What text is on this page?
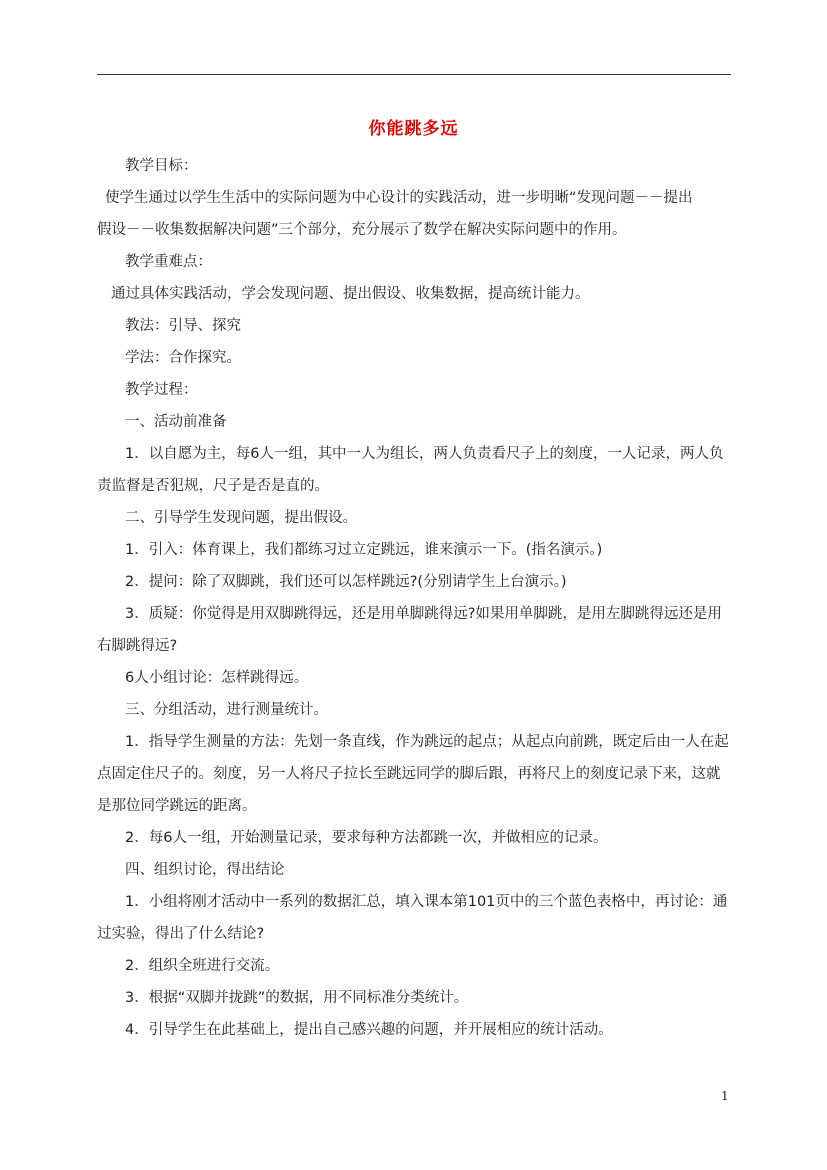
你能跳多远

教学目标：

使学生通过以学生生活中的实际问题为中心设计的实践活动，进一步明晰“发现问题－－提出

假设－－收集数据解决问题”三个部分，充分展示了数学在解决实际问题中的作用。

教学重难点：

通过具体实践活动，学会发现问题、提出假设、收集数据，提高统计能力。

教法：引导、探究

学法：合作探究。

教学过程：

一、活动前准备

1．以自愿为主，每6人一组，其中一人为组长，两人负责看尺子上的刻度，一人记录，两人负

责监督是否犯规，尺子是否是直的。

二、引导学生发现问题，提出假设。

1．引入：体育课上，我们都练习过立定跳远，谁来演示一下。(指名演示。)

2．提问：除了双脚跳，我们还可以怎样跳远?(分别请学生上台演示。)

3．质疑：你觉得是用双脚跳得远，还是用单脚跳得远?如果用单脚跳，是用左脚跳得远还是用

右脚跳得远?

6人小组讨论：怎样跳得远。

三、分组活动，进行测量统计。

1．指导学生测量的方法：先划一条直线，作为跳远的起点；从起点向前跳，既定后由一人在起

点固定住尺子的。刻度，另一人将尺子拉长至跳远同学的脚后跟，再将尺上的刻度记录下来，这就

是那位同学跳远的距离。

2．每6人一组，开始测量记录，要求每种方法都跳一次，并做相应的记录。

四、组织讨论，得出结论

1．小组将刚才活动中一系列的数据汇总，填入课本第101页中的三个蓝色表格中，再讨论：通

过实验，得出了什么结论?

2．组织全班进行交流。

3．根据“双脚并拢跳”的数据，用不同标准分类统计。

4．引导学生在此基础上，提出自己感兴趣的问题，并开展相应的统计活动。

1
